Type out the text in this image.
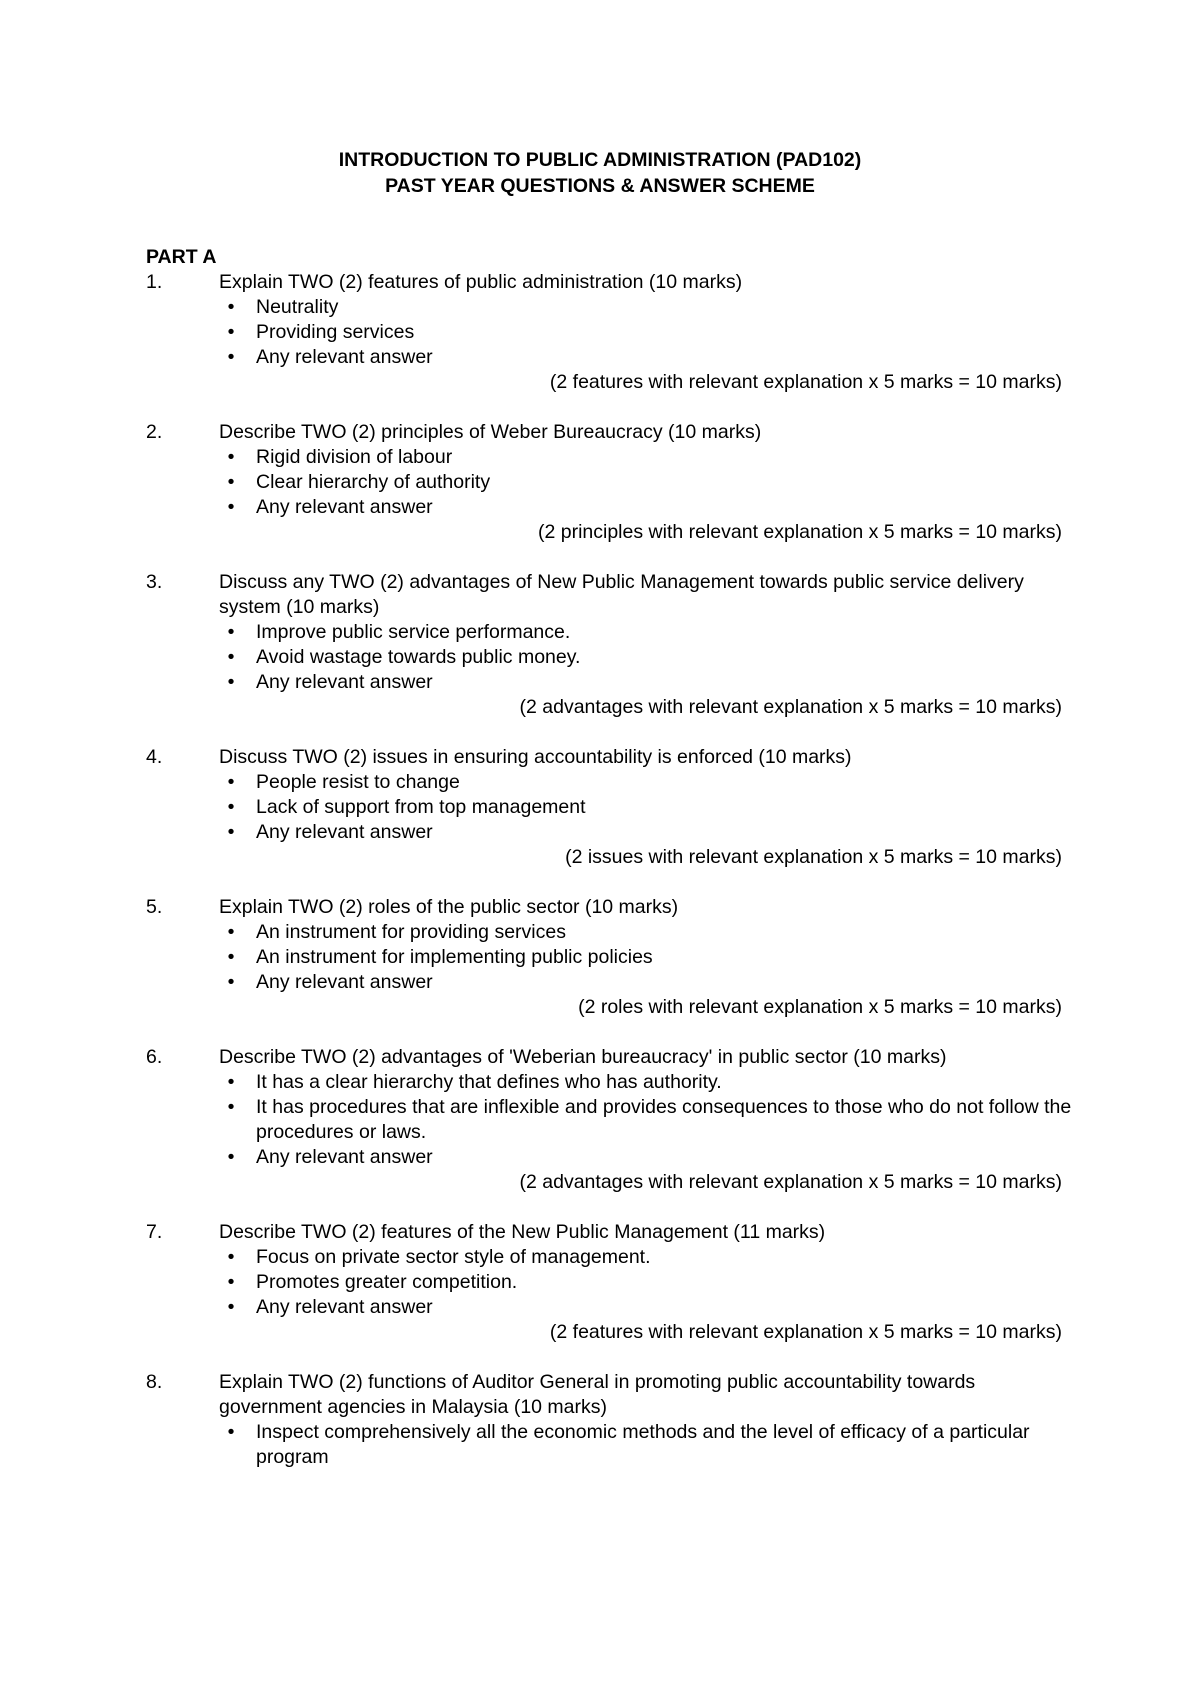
INTRODUCTION TO PUBLIC ADMINISTRATION (PAD102)
PAST YEAR QUESTIONS & ANSWER SCHEME
PART A
1.	Explain TWO (2) features of public administration (10 marks)
•	Neutrality
•	Providing services
•	Any relevant answer
(2 features with relevant explanation x 5 marks = 10 marks)
2.	Describe TWO (2) principles of Weber Bureaucracy (10 marks)
•	Rigid division of labour
•	Clear hierarchy of authority
•	Any relevant answer
(2 principles with relevant explanation x 5 marks = 10 marks)
3.	Discuss any TWO (2) advantages of New Public Management towards public service delivery system (10 marks)
•	Improve public service performance.
•	Avoid wastage towards public money.
•	Any relevant answer
(2 advantages with relevant explanation x 5 marks = 10 marks)
4.	Discuss TWO (2) issues in ensuring accountability is enforced (10 marks)
•	People resist to change
•	Lack of support from top management
•	Any relevant answer
(2 issues with relevant explanation x 5 marks = 10 marks)
5.	Explain TWO (2) roles of the public sector (10 marks)
•	An instrument for providing services
•	An instrument for implementing public policies
•	Any relevant answer
(2 roles with relevant explanation x 5 marks = 10 marks)
6.	Describe TWO (2) advantages of 'Weberian bureaucracy' in public sector (10 marks)
•	It has a clear hierarchy that defines who has authority.
•	It has procedures that are inflexible and provides consequences to those who do not follow the procedures or laws.
•	Any relevant answer
(2 advantages with relevant explanation x 5 marks = 10 marks)
7.	Describe TWO (2) features of the New Public Management (11 marks)
•	Focus on private sector style of management.
•	Promotes greater competition.
•	Any relevant answer
(2 features with relevant explanation x 5 marks = 10 marks)
8.	Explain TWO (2) functions of Auditor General in promoting public accountability towards government agencies in Malaysia (10 marks)
•	Inspect comprehensively all the economic methods and the level of efficacy of a particular program
